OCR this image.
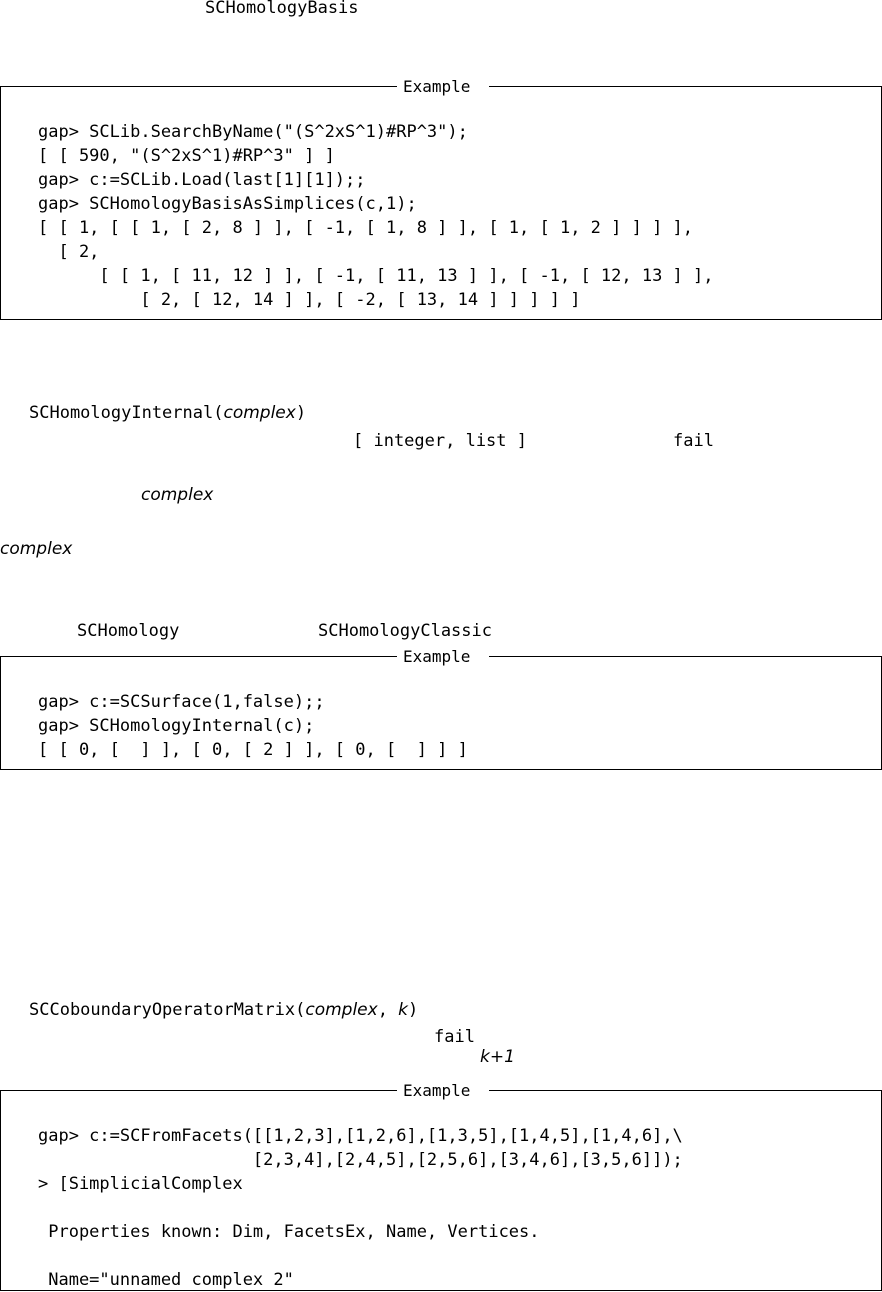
SCHomologyBasis
Example

gap> SCLib.SearchByName("(S^2xS^1)#RP^3");
[ [ 590, "(S^2xS^1)#RP^3" ] ]
gap> c:=SCLib.Load(last[1][1]);;
gap> SCHomologyBasisAsSimplices(c,1);
[ [ 1, [ [ 1, [ 2, 8 ] ], [ -1, [ 1, 8 ] ], [ 1, [ 1, 2 ] ] ] ],
[ 2,
[ [ 1, [ 11, 12 ] ], [ -1, [ 11, 13 ] ], [ -1, [ 12, 13 ] ],
[ 2, [ 12, 14 ] ], [ -2, [ 13, 14 ] ] ] ] ]
SCHomologyInternal(complex)
[ integer, list ]	fail
complex
complex
SCHomology	SCHomologyClassic
Example

gap> c:=SCSurface(1,false);;
gap> SCHomologyInternal(c);
[ [ 0, [  ] ], [ 0, [ 2 ] ], [ 0, [  ] ] ]
SCCoboundaryOperatorMatrix(complex, k)
fail
k+1
Example

gap> c:=SCFromFacets([[1,2,3],[1,2,6],[1,3,5],[1,4,5],[1,4,6],\
[2,3,4],[2,4,5],[2,5,6],[3,4,6],[3,5,6]]);
> [SimplicialComplex

Properties known: Dim, FacetsEx, Name, Vertices.

Name="unnamed complex 2"
